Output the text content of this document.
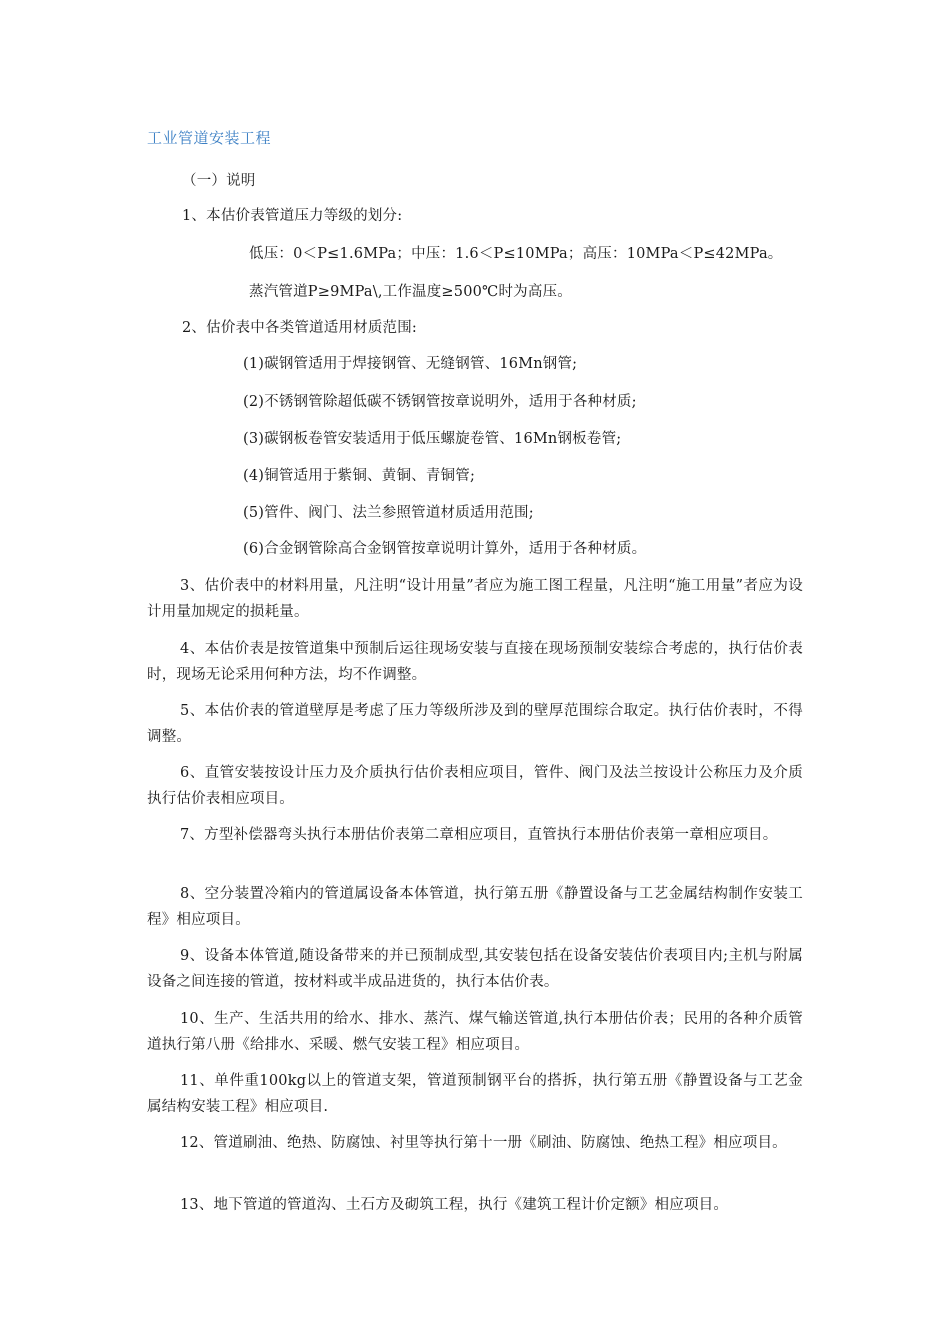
工业管道安装工程
（一）说明
1、本估价表管道压力等级的划分:
低压：0＜P≤1.6MPa；中压：1.6＜P≤10MPa；高压：10MPa＜P≤42MPa。
蒸汽管道P≥9MPa\,工作温度≥500℃时为高压。
2、估价表中各类管道适用材质范围:
(1)碳钢管适用于焊接钢管、无缝钢管、16Mn钢管;
(2)不锈钢管除超低碳不锈钢管按章说明外，适用于各种材质;
(3)碳钢板卷管安装适用于低压螺旋卷管、16Mn钢板卷管;
(4)铜管适用于紫铜、黄铜、青铜管;
(5)管件、阀门、法兰参照管道材质适用范围;
(6)合金钢管除高合金钢管按章说明计算外，适用于各种材质。
3、估价表中的材料用量，凡注明“设计用量”者应为施工图工程量，凡注明“施工用量”者应为设计用量加规定的损耗量。
4、本估价表是按管道集中预制后运往现场安装与直接在现场预制安装综合考虑的，执行估价表时，现场无论采用何种方法，均不作调整。
5、本估价表的管道壁厚是考虑了压力等级所涉及到的壁厚范围综合取定。执行估价表时，不得调整。
6、直管安装按设计压力及介质执行估价表相应项目，管件、阀门及法兰按设计公称压力及介质执行估价表相应项目。
7、方型补偿器弯头执行本册估价表第二章相应项目，直管执行本册估价表第一章相应项目。
8、空分装置冷箱内的管道属设备本体管道，执行第五册《静置设备与工艺金属结构制作安装工程》相应项目。
9、设备本体管道,随设备带来的并已预制成型,其安装包括在设备安装估价表项目内;主机与附属设备之间连接的管道，按材料或半成品进货的，执行本估价表。
10、生产、生活共用的给水、排水、蒸汽、煤气输送管道,执行本册估价表；民用的各种介质管道执行第八册《给排水、采暖、燃气安装工程》相应项目。
11、单件重100kg以上的管道支架，管道预制钢平台的搭拆，执行第五册《静置设备与工艺金属结构安装工程》相应项目.
12、管道刷油、绝热、防腐蚀、衬里等执行第十一册《刷油、防腐蚀、绝热工程》相应项目。
13、地下管道的管道沟、土石方及砌筑工程，执行《建筑工程计价定额》相应项目。
